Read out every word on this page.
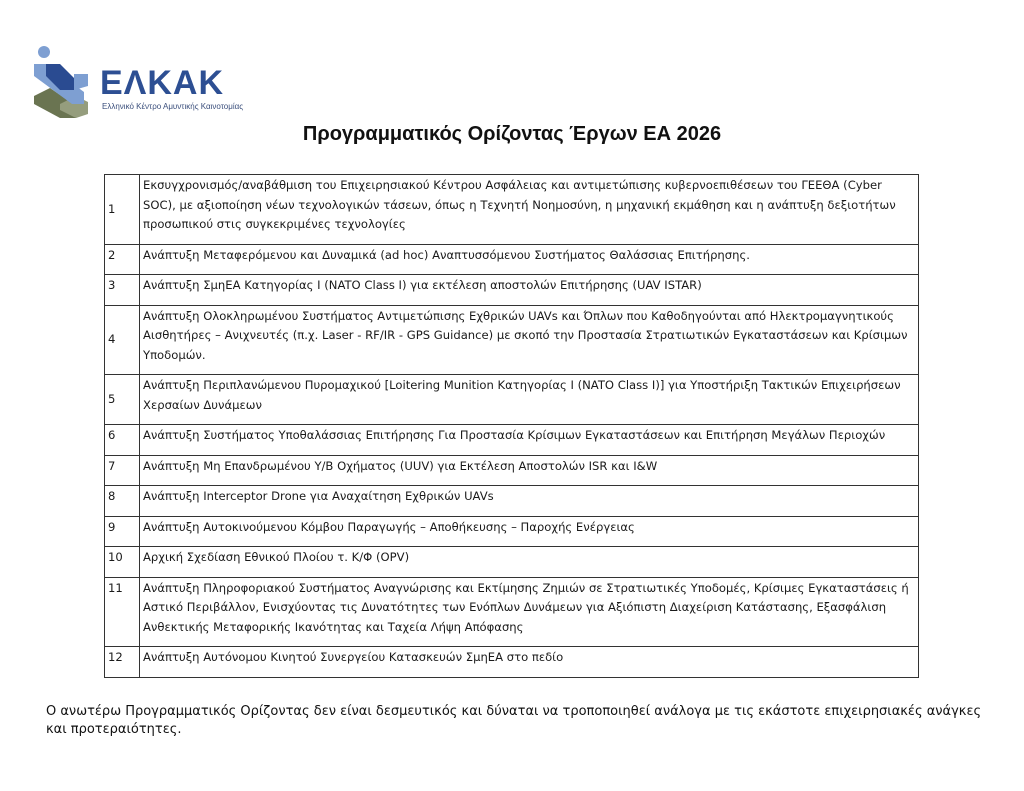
ΕΛΚΑΚ
Ελληνικό Κέντρο Αμυντικής Καινοτομίας
Προγραμματικός Ορίζοντας Έργων ΕΑ 2026
1	Εκσυγχρονισμός/αναβάθμιση του Επιχειρησιακού Κέντρου Ασφάλειας και αντιμετώπισης κυβερνοεπιθέσεων του ΓΕΕΘΑ (Cyber SOC), με αξιοποίηση νέων τεχνολογικών τάσεων, όπως η Τεχνητή Νοημοσύνη, η μηχανική εκμάθηση και η ανάπτυξη δεξιοτήτων προσωπικού στις συγκεκριμένες τεχνολογίες
2	Ανάπτυξη Μεταφερόμενου και Δυναμικά (ad hoc) Αναπτυσσόμενου Συστήματος Θαλάσσιας Επιτήρησης.
3	Ανάπτυξη ΣμηΕΑ Κατηγορίας Ι (NATO Class I) για εκτέλεση αποστολών Επιτήρησης (UAV ISTAR)
4	Ανάπτυξη Ολοκληρωμένου Συστήματος Αντιμετώπισης Εχθρικών UAVs και Όπλων που Καθοδηγούνται από Ηλεκτρομαγνητικούς Αισθητήρες – Ανιχνευτές (π.χ. Laser - RF/IR - GPS Guidance) με σκοπό την Προστασία Στρατιωτικών Εγκαταστάσεων και Κρίσιμων Υποδομών.
5	Ανάπτυξη Περιπλανώμενου Πυρομαχικού [Loitering Munition Κατηγορίας Ι (NATO Class I)] για Υποστήριξη Τακτικών Επιχειρήσεων Χερσαίων Δυνάμεων
6	Ανάπτυξη Συστήματος Υποθαλάσσιας Επιτήρησης Για Προστασία Κρίσιμων Εγκαταστάσεων και Επιτήρηση Μεγάλων Περιοχών
7	Ανάπτυξη Μη Επανδρωμένου Υ/Β Οχήματος (UUV) για Εκτέλεση Αποστολών ISR και I&W
8	Ανάπτυξη Interceptor Drone για Αναχαίτηση Εχθρικών UAVs
9	Ανάπτυξη Αυτοκινούμενου Κόμβου Παραγωγής – Αποθήκευσης – Παροχής Ενέργειας
10	Αρχική Σχεδίαση Εθνικού Πλοίου τ. Κ/Φ (OPV)
11	Ανάπτυξη Πληροφοριακού Συστήματος Αναγνώρισης και Εκτίμησης Ζημιών σε Στρατιωτικές Υποδομές, Κρίσιμες Εγκαταστάσεις ή Αστικό Περιβάλλον, Ενισχύοντας τις Δυνατότητες των Ενόπλων Δυνάμεων για Αξιόπιστη Διαχείριση Κατάστασης, Εξασφάλιση Ανθεκτικής Μεταφορικής Ικανότητας και Ταχεία Λήψη Απόφασης
12	Ανάπτυξη Αυτόνομου Κινητού Συνεργείου Κατασκευών ΣμηΕΑ στο πεδίο
Ο ανωτέρω Προγραμματικός Ορίζοντας δεν είναι δεσμευτικός και δύναται να τροποποιηθεί ανάλογα με τις εκάστοτε επιχειρησιακές ανάγκες και προτεραιότητες.
